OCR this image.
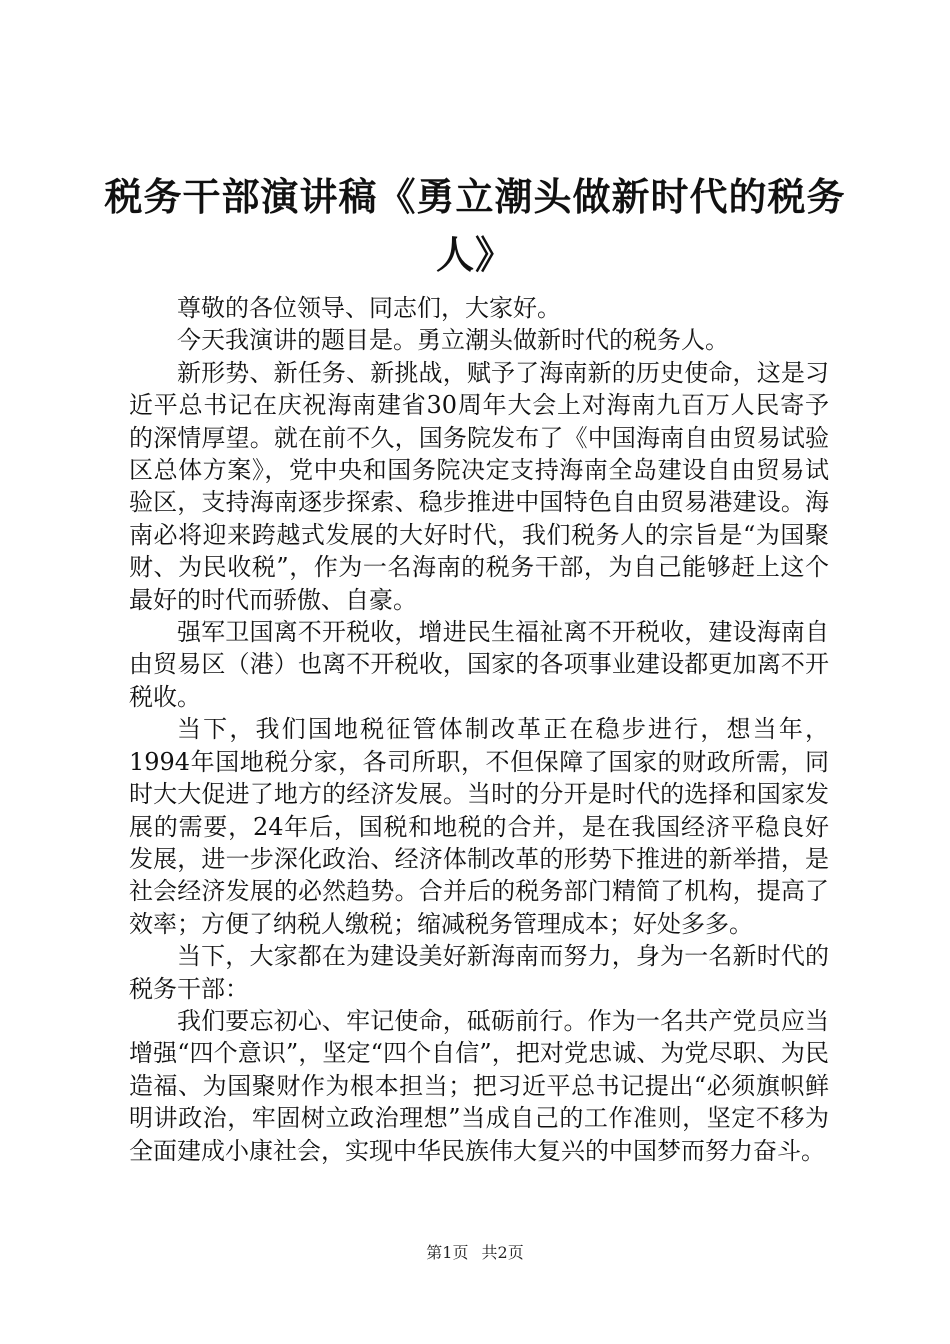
税务干部演讲稿《勇立潮头做新时代的税务人》

尊敬的各位领导、同志们，大家好。

今天我演讲的题目是。勇立潮头做新时代的税务人。

新形势、新任务、新挑战，赋予了海南新的历史使命，这是习近平总书记在庆祝海南建省30周年大会上对海南九百万人民寄予的深情厚望。就在前不久，国务院发布了《中国海南自由贸易试验区总体方案》，党中央和国务院决定支持海南全岛建设自由贸易试验区，支持海南逐步探索、稳步推进中国特色自由贸易港建设。海南必将迎来跨越式发展的大好时代，我们税务人的宗旨是“为国聚财、为民收税”，作为一名海南的税务干部，为自己能够赶上这个最好的时代而骄傲、自豪。

强军卫国离不开税收，增进民生福祉离不开税收，建设海南自由贸易区（港）也离不开税收，国家的各项事业建设都更加离不开税收。

当下，我们国地税征管体制改革正在稳步进行，想当年，1994年国地税分家，各司所职，不但保障了国家的财政所需，同时大大促进了地方的经济发展。当时的分开是时代的选择和国家发展的需要，24年后，国税和地税的合并，是在我国经济平稳良好发展，进一步深化政治、经济体制改革的形势下推进的新举措，是社会经济发展的必然趋势。合并后的税务部门精简了机构，提高了效率；方便了纳税人缴税；缩减税务管理成本；好处多多。

当下，大家都在为建设美好新海南而努力，身为一名新时代的税务干部：

我们要忘初心、牢记使命，砥砺前行。作为一名共产党员应当增强“四个意识”，坚定“四个自信”，把对党忠诚、为党尽职、为民造福、为国聚财作为根本担当；把习近平总书记提出“必须旗帜鲜明讲政治，牢固树立政治理想”当成自己的工作准则，坚定不移为全面建成小康社会，实现中华民族伟大复兴的中国梦而努力奋斗。

第1页 共2页
